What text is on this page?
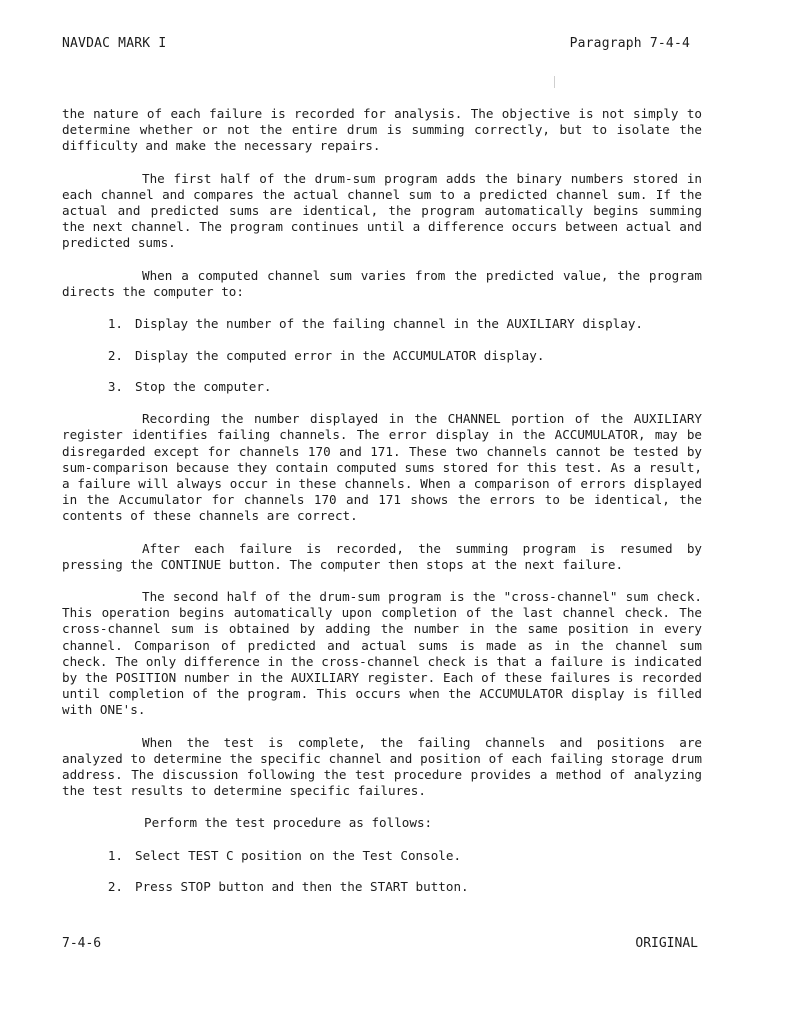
NAVDAC MARK I	Paragraph 7-4-4

the nature of each failure is recorded for analysis. The objective is not simply to determine whether or not the entire drum is summing correctly, but to isolate the difficulty and make the necessary repairs.

The first half of the drum-sum program adds the binary numbers stored in each channel and compares the actual channel sum to a predicted channel sum. If the actual and predicted sums are identical, the program automatically begins summing the next channel. The program continues until a difference occurs between actual and predicted sums.

When a computed channel sum varies from the predicted value, the program directs the computer to:

1. Display the number of the failing channel in the AUXILIARY display.
2. Display the computed error in the ACCUMULATOR display.
3. Stop the computer.

Recording the number displayed in the CHANNEL portion of the AUXILIARY register identifies failing channels. The error display in the ACCUMULATOR, may be disregarded except for channels 170 and 171. These two channels cannot be tested by sum-comparison because they contain computed sums stored for this test. As a result, a failure will always occur in these channels. When a comparison of errors displayed in the Accumulator for channels 170 and 171 shows the errors to be identical, the contents of these channels are correct.

After each failure is recorded, the summing program is resumed by pressing the CONTINUE button. The computer then stops at the next failure.

The second half of the drum-sum program is the "cross-channel" sum check. This operation begins automatically upon completion of the last channel check. The cross-channel sum is obtained by adding the number in the same position in every channel. Comparison of predicted and actual sums is made as in the channel sum check. The only difference in the cross-channel check is that a failure is indicated by the POSITION number in the AUXILIARY register. Each of these failures is recorded until completion of the program. This occurs when the ACCUMULATOR display is filled with ONE's.

When the test is complete, the failing channels and positions are analyzed to determine the specific channel and position of each failing storage drum address. The discussion following the test procedure provides a method of analyzing the test results to determine specific failures.

Perform the test procedure as follows:

1. Select TEST C position on the Test Console.
2. Press STOP button and then the START button.
7-4-6	ORIGINAL
